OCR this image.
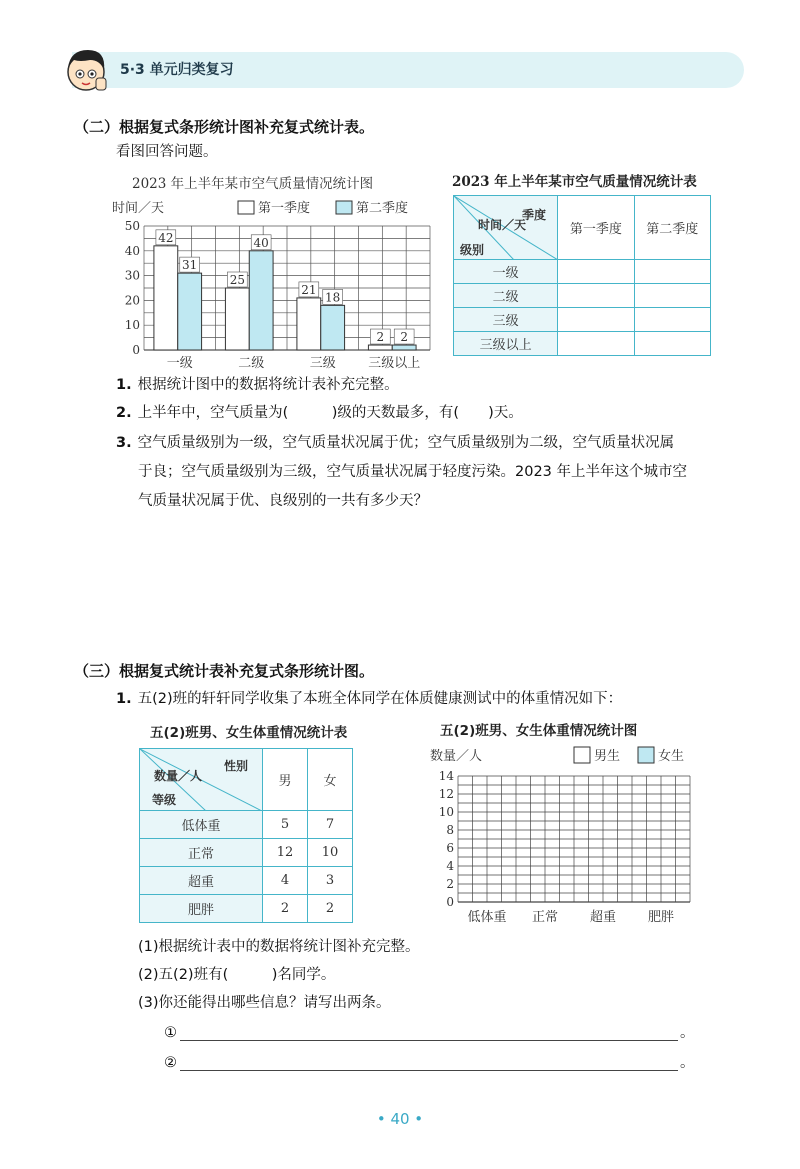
5·3 单元归类复习
（二）根据复式条形统计图补充复式统计表。
看图回答问题。
2023 年上半年某市空气质量情况统计图
时间／天	第一季度	第二季度
0
10
20
30
40
50
42
31
一级
25
40
二级
21
18
三级
2 2
三级以上
2023 年上半年某市空气质量情况统计表
季度
时间／天
级别	第一季度	第二季度
一级		
二级		
三级		
三级以上		
1. 根据统计图中的数据将统计表补充完整。
2. 上半年中，空气质量为(　　　)级的天数最多，有(　　)天。
3. 空气质量级别为一级，空气质量状况属于优；空气质量级别为二级，空气质量状况属
于良；空气质量级别为三级，空气质量状况属于轻度污染。2023 年上半年这个城市空
气质量状况属于优、良级别的一共有多少天？
（三）根据复式统计表补充复式条形统计图。
1. 五(2)班的轩轩同学收集了本班全体同学在体质健康测试中的体重情况如下：
五(2)班男、女生体重情况统计表
性别
数量／人
等级	男	女
低体重	5	7
正常	12	10
超重	4	3
肥胖	2	2
五(2)班男、女生体重情况统计图
数量／人	男生	女生
0
2
4
6
8
10
12
14
低体重 正常 超重 肥胖
(1)根据统计表中的数据将统计图补充完整。
(2)五(2)班有(　　　)名同学。
(3)你还能得出哪些信息？请写出两条。
①	。
②	。
• 40 •
